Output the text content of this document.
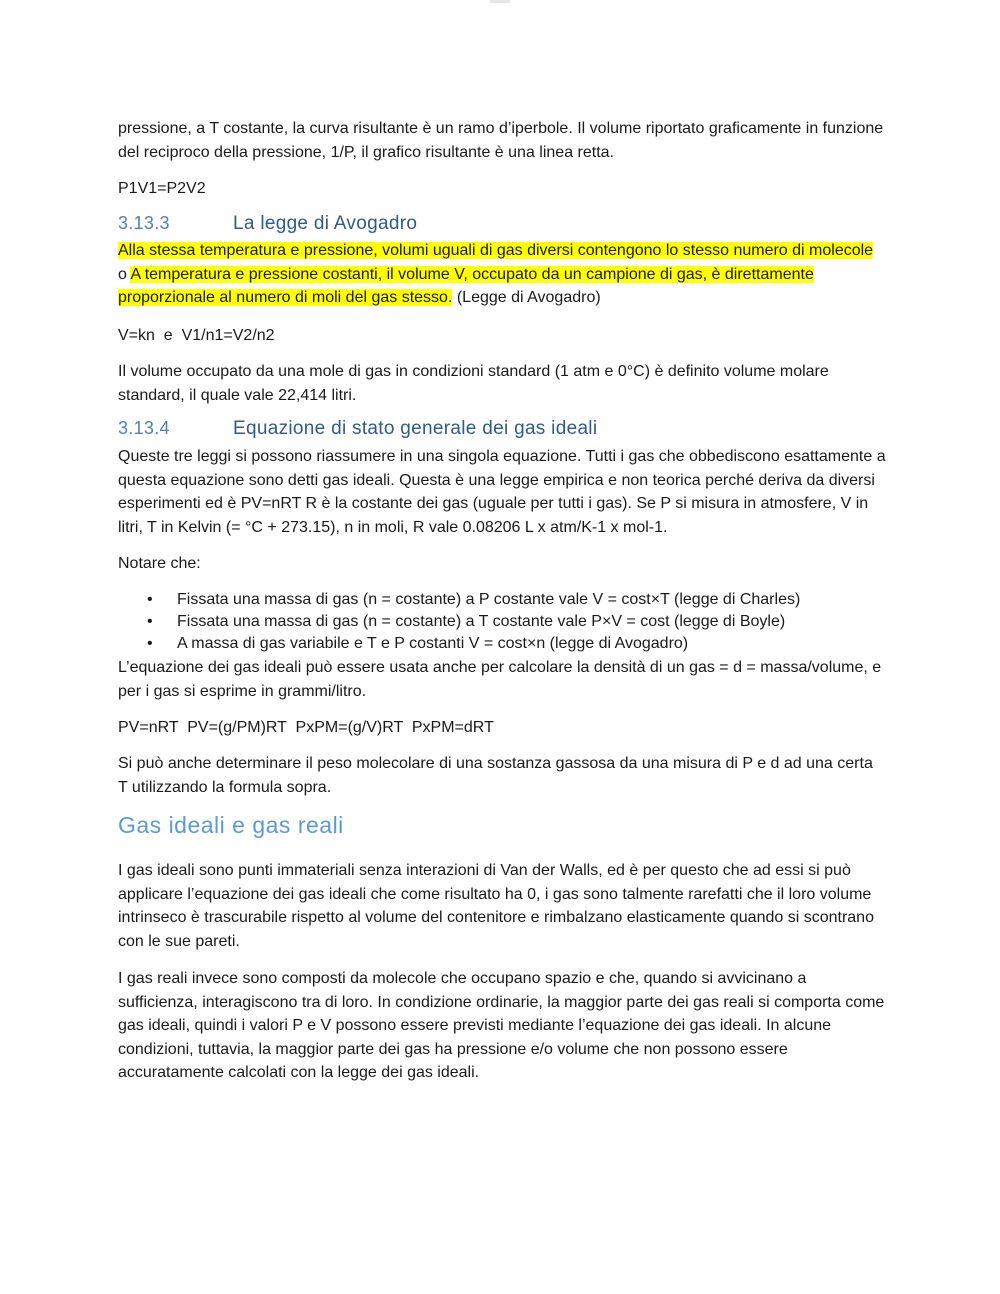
pressione, a T costante, la curva risultante è un ramo d’iperbole. Il volume riportato graficamente in funzione del reciproco della pressione, 1/P, il grafico risultante è una linea retta.

P1V1=P2V2

3.13.3	La legge di Avogadro

Alla stessa temperatura e pressione, volumi uguali di gas diversi contengono lo stesso numero di molecole o A temperatura e pressione costanti, il volume V, occupato da un campione di gas, è direttamente proporzionale al numero di moli del gas stesso. (Legge di Avogadro)

V=kn  e  V1/n1=V2/n2

Il volume occupato da una mole di gas in condizioni standard (1 atm e 0°C) è definito volume molare standard, il quale vale 22,414 litri.

3.13.4	Equazione di stato generale dei gas ideali

Queste tre leggi si possono riassumere in una singola equazione. Tutti i gas che obbediscono esattamente a questa equazione sono detti gas ideali. Questa è una legge empirica e non teorica perché deriva da diversi esperimenti ed è PV=nRT R è la costante dei gas (uguale per tutti i gas). Se P si misura in atmosfere, V in litri, T in Kelvin (= °C + 273.15), n in moli, R vale 0.08206 L x atm/K-1 x mol-1.

Notare che:

• Fissata una massa di gas (n = costante) a P costante vale V = cost×T (legge di Charles)
• Fissata una massa di gas (n = costante) a T costante vale P×V = cost (legge di Boyle)
• A massa di gas variabile e T e P costanti V = cost×n (legge di Avogadro)

L’equazione dei gas ideali può essere usata anche per calcolare la densità di un gas = d = massa/volume, e per i gas si esprime in grammi/litro.

PV=nRT  PV=(g/PM)RT  PxPM=(g/V)RT  PxPM=dRT

Si può anche determinare il peso molecolare di una sostanza gassosa da una misura di P e d ad una certa T utilizzando la formula sopra.

Gas ideali e gas reali

I gas ideali sono punti immateriali senza interazioni di Van der Walls, ed è per questo che ad essi si può applicare l’equazione dei gas ideali che come risultato ha 0, i gas sono talmente rarefatti che il loro volume intrinseco è trascurabile rispetto al volume del contenitore e rimbalzano elasticamente quando si scontrano con le sue pareti.

I gas reali invece sono composti da molecole che occupano spazio e che, quando si avvicinano a sufficienza, interagiscono tra di loro. In condizione ordinarie, la maggior parte dei gas reali si comporta come gas ideali, quindi i valori P e V possono essere previsti mediante l’equazione dei gas ideali. In alcune condizioni, tuttavia, la maggior parte dei gas ha pressione e/o volume che non possono essere accuratamente calcolati con la legge dei gas ideali.
